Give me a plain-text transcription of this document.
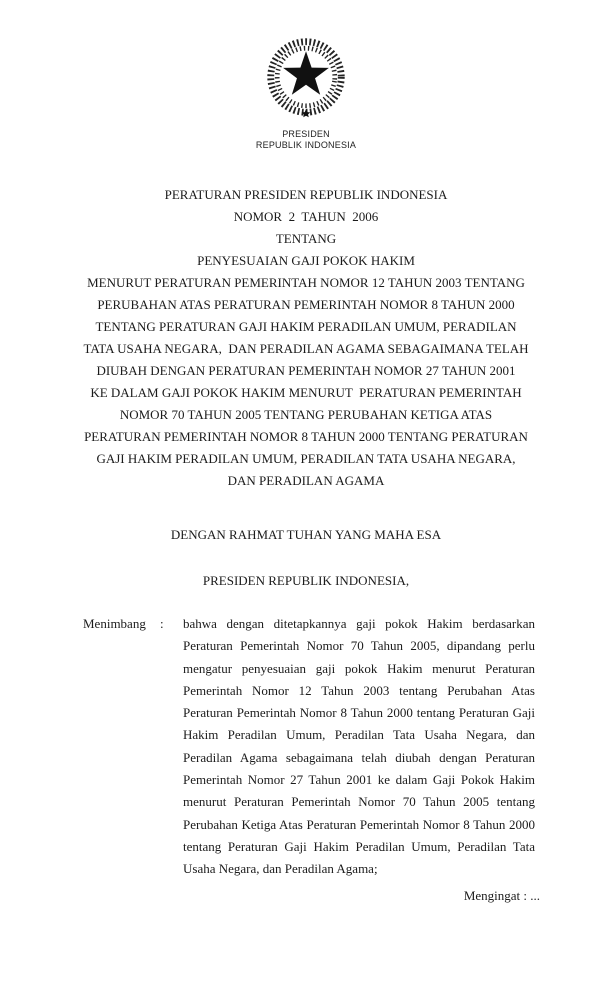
PRESIDEN
REPUBLIK INDONESIA
PERATURAN PRESIDEN REPUBLIK INDONESIA
NOMOR  2  TAHUN  2006
TENTANG
PENYESUAIAN GAJI POKOK HAKIM
MENURUT PERATURAN PEMERINTAH NOMOR 12 TAHUN 2003 TENTANG
PERUBAHAN ATAS PERATURAN PEMERINTAH NOMOR 8 TAHUN 2000
TENTANG PERATURAN GAJI HAKIM PERADILAN UMUM, PERADILAN
TATA USAHA NEGARA,  DAN PERADILAN AGAMA SEBAGAIMANA TELAH
DIUBAH DENGAN PERATURAN PEMERINTAH NOMOR 27 TAHUN 2001
KE DALAM GAJI POKOK HAKIM MENURUT  PERATURAN PEMERINTAH
NOMOR 70 TAHUN 2005 TENTANG PERUBAHAN KETIGA ATAS
PERATURAN PEMERINTAH NOMOR 8 TAHUN 2000 TENTANG PERATURAN
GAJI HAKIM PERADILAN UMUM, PERADILAN TATA USAHA NEGARA,
DAN PERADILAN AGAMA
DENGAN RAHMAT TUHAN YANG MAHA ESA
PRESIDEN REPUBLIK INDONESIA,
Menimbang	:	bahwa dengan ditetapkannya gaji pokok Hakim berdasarkan Peraturan Pemerintah Nomor 70 Tahun 2005, dipandang perlu mengatur penyesuaian gaji pokok Hakim menurut Peraturan Pemerintah Nomor 12 Tahun 2003 tentang Perubahan Atas Peraturan Pemerintah Nomor 8 Tahun 2000 tentang Peraturan Gaji Hakim Peradilan Umum, Peradilan Tata Usaha Negara, dan Peradilan Agama sebagaimana telah diubah dengan Peraturan Pemerintah Nomor 27 Tahun 2001 ke dalam Gaji Pokok Hakim menurut Peraturan Pemerintah Nomor 70 Tahun 2005 tentang Perubahan Ketiga Atas Peraturan Pemerintah Nomor 8 Tahun 2000 tentang Peraturan Gaji Hakim Peradilan Umum, Peradilan Tata Usaha Negara, dan Peradilan Agama;
Mengingat : ...
